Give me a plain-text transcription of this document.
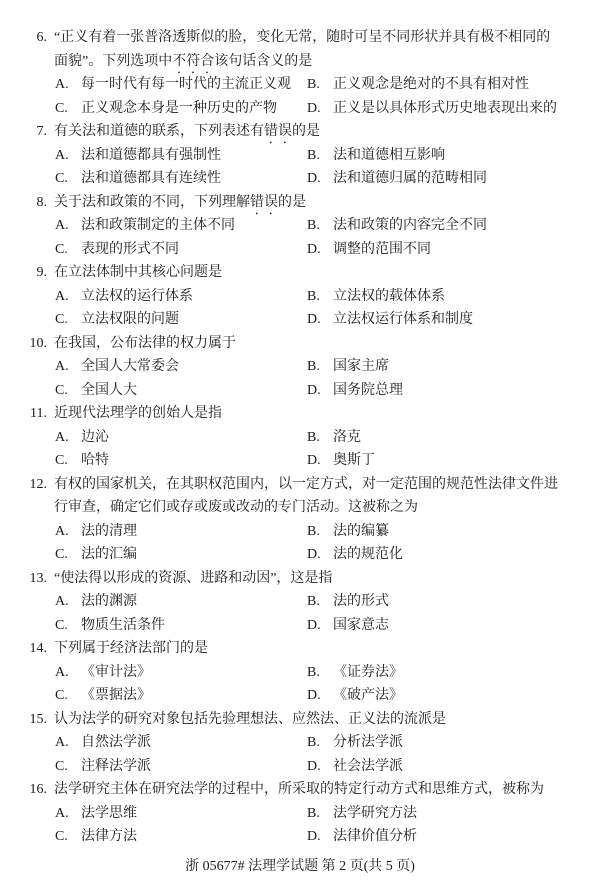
6. “正义有着一张普洛透斯似的脸，变化无常，随时可呈不同形状并具有极不相同的
面貌”。下列选项中不符合该句话含义的是
A. 每一时代有每一时代的主流正义观 B. 正义观念是绝对的不具有相对性
C. 正义观念本身是一种历史的产物 D. 正义是以具体形式历史地表现出来的
7. 有关法和道德的联系，下列表述有错误的是
A. 法和道德都具有强制性	B. 法和道德相互影响
C. 法和道德都具有连续性	D. 法和道德归属的范畴相同
8. 关于法和政策的不同，下列理解错误的是
A. 法和政策制定的主体不同	B. 法和政策的内容完全不同
C. 表现的形式不同	D. 调整的范围不同
9. 在立法体制中其核心问题是
A. 立法权的运行体系	B. 立法权的载体体系
C. 立法权限的问题	D. 立法权运行体系和制度
10. 在我国，公布法律的权力属于
A. 全国人大常委会	B. 国家主席
C. 全国人大	D. 国务院总理
11. 近现代法理学的创始人是指
A. 边沁	B. 洛克
C. 哈特	D. 奥斯丁
12. 有权的国家机关，在其职权范围内，以一定方式，对一定范围的规范性法律文件进
行审查，确定它们或存或废或改动的专门活动。这被称之为
A. 法的清理	B. 法的编纂
C. 法的汇编	D. 法的规范化
13. “使法得以形成的资源、进路和动因”，这是指
A. 法的渊源	B. 法的形式
C. 物质生活条件	D. 国家意志
14. 下列属于经济法部门的是
A. 《审计法》	B. 《证券法》
C. 《票据法》	D. 《破产法》
15. 认为法学的研究对象包括先验理想法、应然法、正义法的流派是
A. 自然法学派	B. 分析法学派
C. 注释法学派	D. 社会法学派
16. 法学研究主体在研究法学的过程中，所采取的特定行动方式和思维方式，被称为
A. 法学思维	B. 法学研究方法
C. 法律方法	D. 法律价值分析
浙 05677# 法理学试题 第 2 页(共 5 页)
